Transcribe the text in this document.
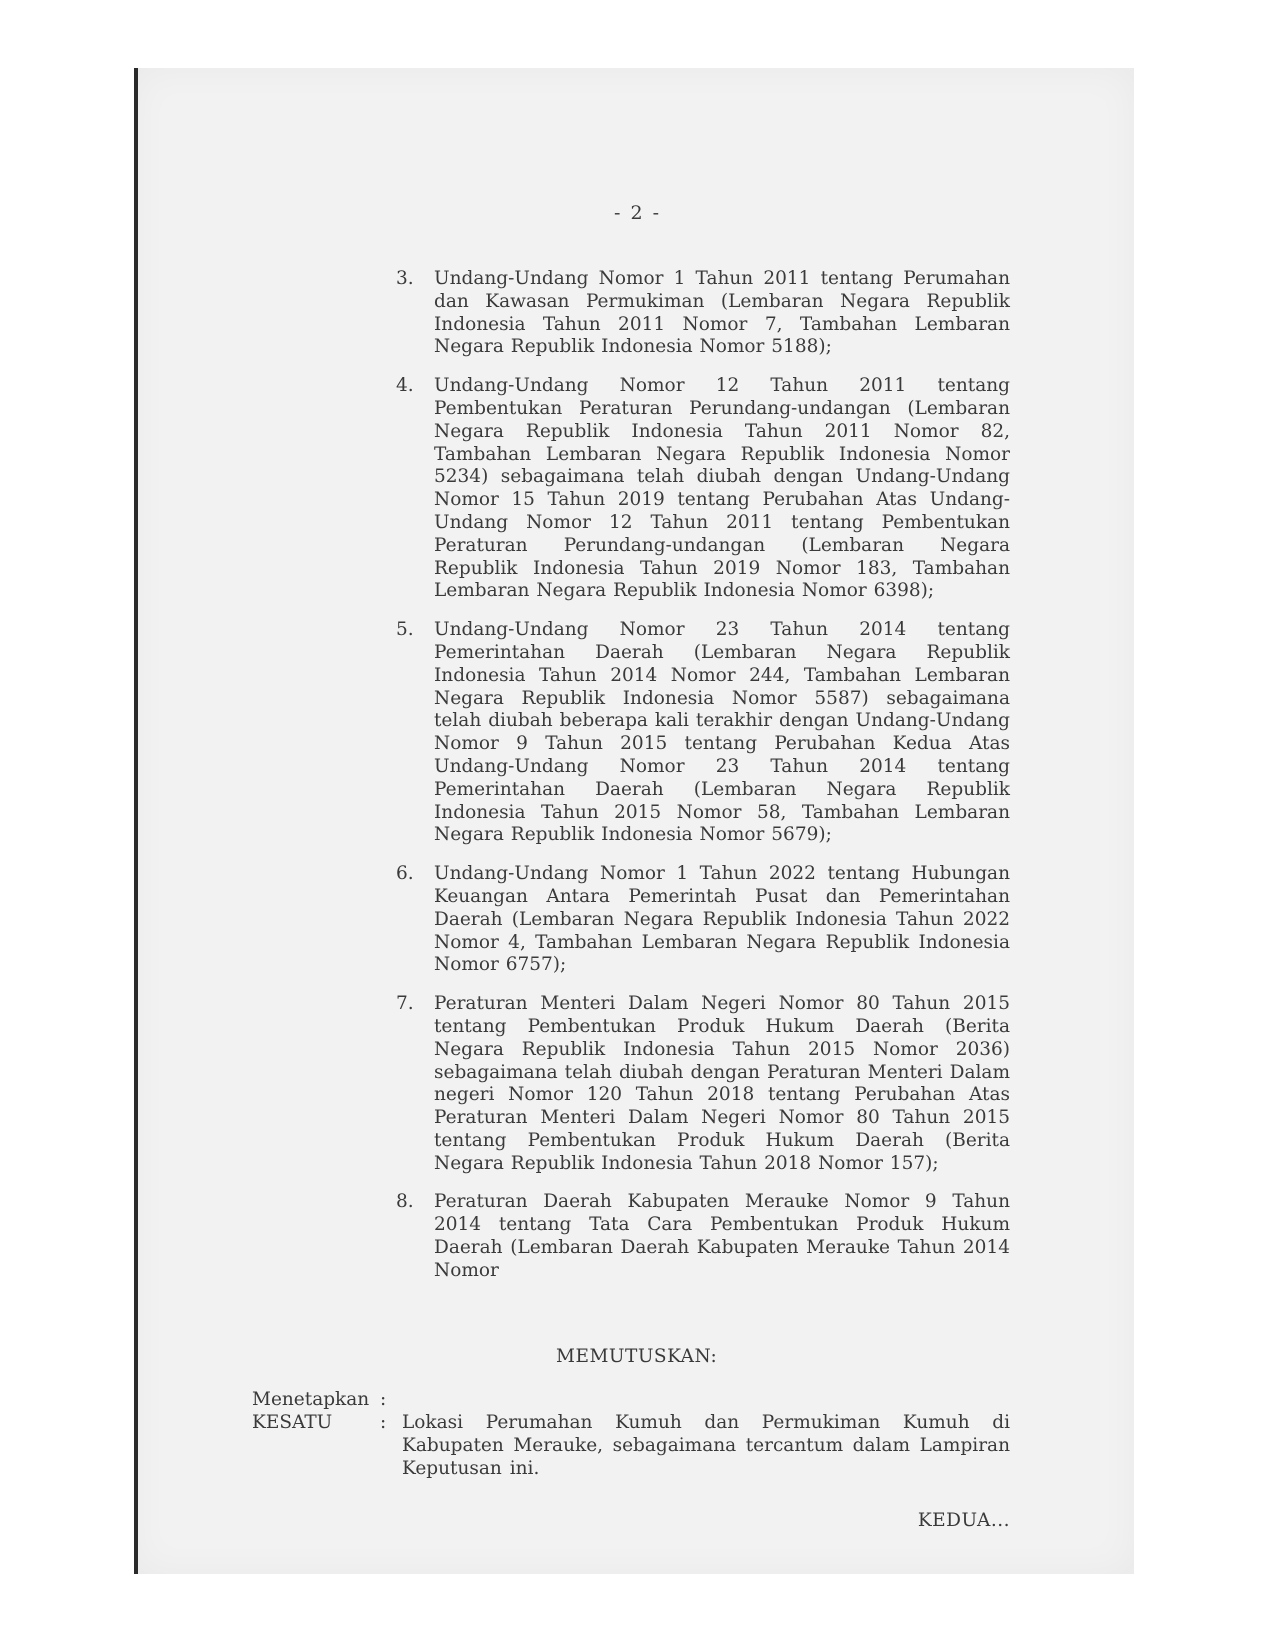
- 2 -
3.	Undang-Undang Nomor 1 Tahun 2011 tentang Perumahan dan Kawasan Permukiman (Lembaran Negara Republik Indonesia Tahun 2011 Nomor 7, Tambahan Lembaran Negara Republik Indonesia Nomor 5188);
4.	Undang-Undang Nomor 12 Tahun 2011 tentang Pembentukan Peraturan Perundang-undangan (Lembaran Negara Republik Indonesia Tahun 2011 Nomor 82, Tambahan Lembaran Negara Republik Indonesia Nomor 5234) sebagaimana telah diubah dengan Undang-Undang Nomor 15 Tahun 2019 tentang Perubahan Atas Undang-Undang Nomor 12 Tahun 2011 tentang Pembentukan Peraturan Perundang-undangan (Lembaran Negara Republik Indonesia Tahun 2019 Nomor 183, Tambahan Lembaran Negara Republik Indonesia Nomor 6398);
5.	Undang-Undang Nomor 23 Tahun 2014 tentang Pemerintahan Daerah (Lembaran Negara Republik Indonesia Tahun 2014 Nomor 244, Tambahan Lembaran Negara Republik Indonesia Nomor 5587) sebagaimana telah diubah beberapa kali terakhir dengan Undang-Undang Nomor 9 Tahun 2015 tentang Perubahan Kedua Atas Undang-Undang Nomor 23 Tahun 2014 tentang Pemerintahan Daerah (Lembaran Negara Republik Indonesia Tahun 2015 Nomor 58, Tambahan Lembaran Negara Republik Indonesia Nomor 5679);
6.	Undang-Undang Nomor 1 Tahun 2022 tentang Hubungan Keuangan Antara Pemerintah Pusat dan Pemerintahan Daerah (Lembaran Negara Republik Indonesia Tahun 2022 Nomor 4, Tambahan Lembaran Negara Republik Indonesia Nomor 6757);
7.	Peraturan Menteri Dalam Negeri Nomor 80 Tahun 2015 tentang Pembentukan Produk Hukum Daerah (Berita Negara Republik Indonesia Tahun 2015 Nomor 2036) sebagaimana telah diubah dengan Peraturan Menteri Dalam negeri Nomor 120 Tahun 2018 tentang Perubahan Atas Peraturan Menteri Dalam Negeri Nomor 80 Tahun 2015 tentang Pembentukan Produk Hukum Daerah (Berita Negara Republik Indonesia Tahun 2018 Nomor 157);
8.	Peraturan Daerah Kabupaten Merauke Nomor 9 Tahun 2014 tentang Tata Cara Pembentukan Produk Hukum Daerah (Lembaran Daerah Kabupaten Merauke Tahun 2014 Nomor
MEMUTUSKAN:
Menetapkan :
KESATU	: Lokasi Perumahan Kumuh dan Permukiman Kumuh di Kabupaten Merauke, sebagaimana tercantum dalam Lampiran Keputusan ini.
KEDUA...
